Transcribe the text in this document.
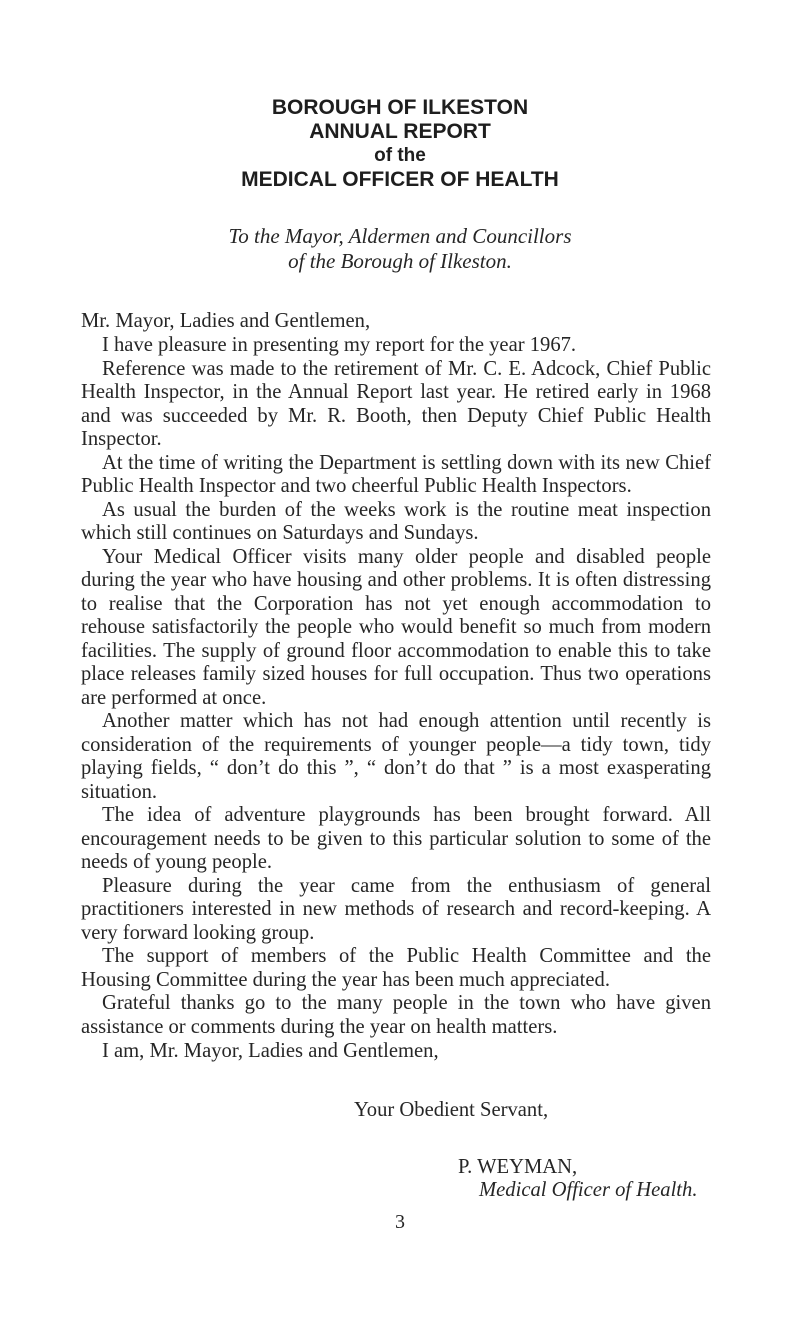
BOROUGH OF ILKESTON
ANNUAL REPORT
of the
MEDICAL OFFICER OF HEALTH
To the Mayor, Aldermen and Councillors
of the Borough of Ilkeston.
Mr. Mayor, Ladies and Gentlemen,

I have pleasure in presenting my report for the year 1967.

Reference was made to the retirement of Mr. C. E. Adcock, Chief Public Health Inspector, in the Annual Report last year. He retired early in 1968 and was succeeded by Mr. R. Booth, then Deputy Chief Public Health Inspector.

At the time of writing the Department is settling down with its new Chief Public Health Inspector and two cheerful Public Health Inspectors.

As usual the burden of the weeks work is the routine meat inspection which still continues on Saturdays and Sundays.

Your Medical Officer visits many older people and disabled people during the year who have housing and other problems. It is often distressing to realise that the Corporation has not yet enough accommodation to rehouse satisfactorily the people who would benefit so much from modern facilities. The supply of ground floor accommodation to enable this to take place releases family sized houses for full occupation. Thus two operations are performed at once.

Another matter which has not had enough attention until recently is consideration of the requirements of younger people—a tidy town, tidy playing fields, “ don’t do this ”, “ don’t do that ” is a most exasperating situation.

The idea of adventure playgrounds has been brought forward. All encouragement needs to be given to this particular solution to some of the needs of young people.

Pleasure during the year came from the enthusiasm of general practitioners interested in new methods of research and record-keeping. A very forward looking group.

The support of members of the Public Health Committee and the Housing Committee during the year has been much appreciated.

Grateful thanks go to the many people in the town who have given assistance or comments during the year on health matters.

I am, Mr. Mayor, Ladies and Gentlemen,
Your Obedient Servant,
P. WEYMAN,
Medical Officer of Health.
3
